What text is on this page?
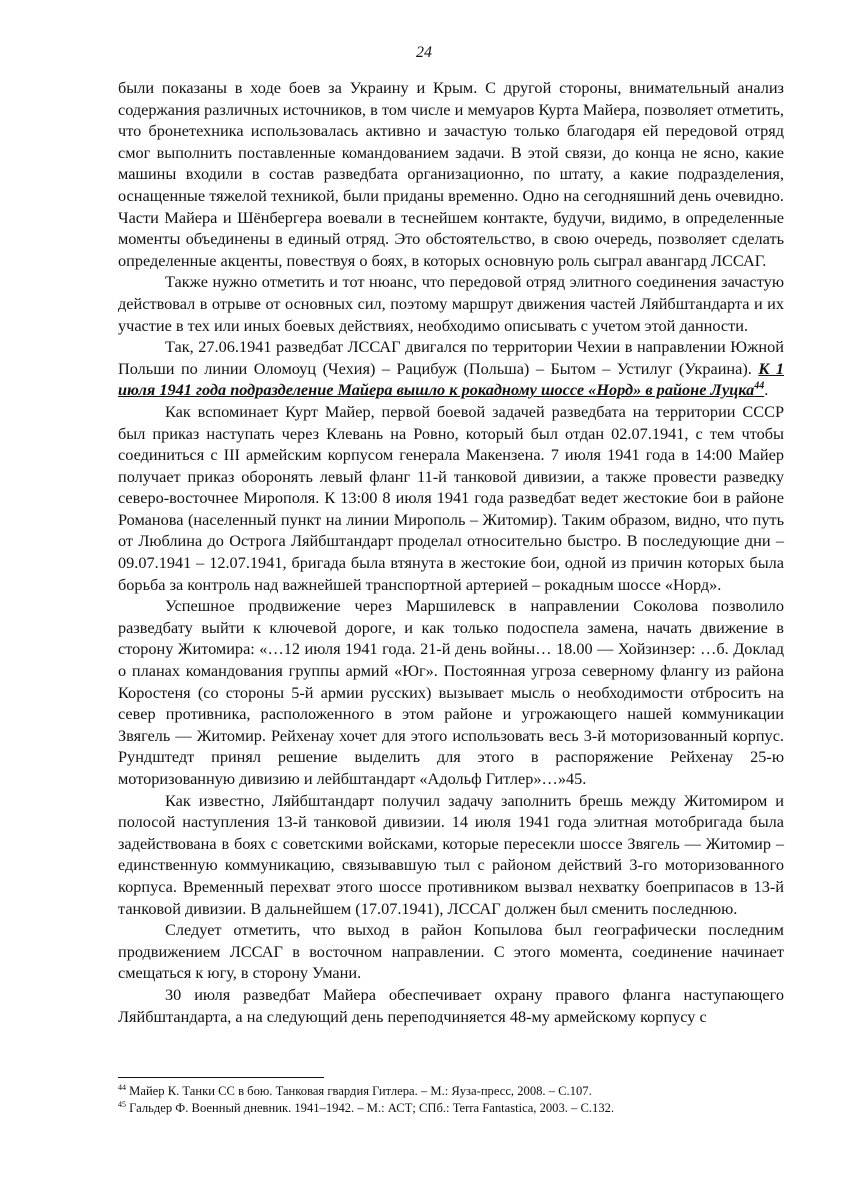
24

были показаны в ходе боев за Украину и Крым. С другой стороны, внимательный анализ содержания различных источников, в том числе и мемуаров Курта Майера, позволяет отметить, что бронетехника использовалась активно и зачастую только благодаря ей передовой отряд смог выполнить поставленные командованием задачи. В этой связи, до конца не ясно, какие машины входили в состав разведбата организационно, по штату, а какие подразделения, оснащенные тяжелой техникой, были приданы временно. Одно на сегодняшний день очевидно. Части Майера и Шёнбергера воевали в теснейшем контакте, будучи, видимо, в определенные моменты объединены в единый отряд. Это обстоятельство, в свою очередь, позволяет сделать определенные акценты, повествуя о боях, в которых основную роль сыграл авангард ЛССАГ.

Также нужно отметить и тот нюанс, что передовой отряд элитного соединения зачастую действовал в отрыве от основных сил, поэтому маршрут движения частей Ляйбштандарта и их участие в тех или иных боевых действиях, необходимо описывать с учетом этой данности.

Так, 27.06.1941 разведбат ЛССАГ двигался по территории Чехии в направлении Южной Польши по линии Оломоуц (Чехия) – Рацибуж (Польша) – Бытом – Устилуг (Украина). К 1 июля 1941 года подразделение Майера вышло к рокадному шоссе «Норд» в районе Луцка$^{44}$.

Как вспоминает Курт Майер, первой боевой задачей разведбата на территории СССР был приказ наступать через Клевань на Ровно, который был отдан 02.07.1941, с тем чтобы соединиться с III армейским корпусом генерала Макензена. 7 июля 1941 года в 14:00 Майер получает приказ оборонять левый фланг 11-й танковой дивизии, а также провести разведку северо-восточнее Мирополя. К 13:00 8 июля 1941 года разведбат ведет жестокие бои в районе Романова (населенный пункт на линии Мирополь – Житомир). Таким образом, видно, что путь от Люблина до Острога Ляйбштандарт проделал относительно быстро. В последующие дни – 09.07.1941 – 12.07.1941, бригада была втянута в жестокие бои, одной из причин которых была борьба за контроль над важнейшей транспортной артерией – рокадным шоссе «Норд».

Успешное продвижение через Маршилевск в направлении Соколова позволило разведбату выйти к ключевой дороге, и как только подоспела замена, начать движение в сторону Житомира: «…12 июля 1941 года. 21-й день войны… 18.00 — Хойзинзер: …б. Доклад о планах командования группы армий «Юг». Постоянная угроза северному флангу из района Коростеня (со стороны 5-й армии русских) вызывает мысль о необходимости отбросить на север противника, расположенного в этом районе и угрожающего нашей коммуникации Звягель — Житомир. Рейхенау хочет для этого использовать весь 3-й моторизованный корпус. Рундштедт принял решение выделить для этого в распоряжение Рейхенау 25-ю моторизованную дивизию и лейбштандарт «Адольф Гитлер»…»45.

Как известно, Ляйбштандарт получил задачу заполнить брешь между Житомиром и полосой наступления 13-й танковой дивизии. 14 июля 1941 года элитная мотобригада была задействована в боях с советскими войсками, которые пересекли шоссе Звягель — Житомир – единственную коммуникацию, связывавшую тыл с районом действий 3-го моторизованного корпуса. Временный перехват этого шоссе противником вызвал нехватку боеприпасов в 13-й танковой дивизии. В дальнейшем (17.07.1941), ЛССАГ должен был сменить последнюю.

Следует отметить, что выход в район Копылова был географически последним продвижением ЛССАГ в восточном направлении. С этого момента, соединение начинает смещаться к югу, в сторону Умани.

30 июля разведбат Майера обеспечивает охрану правого фланга наступающего Ляйбштандарта, а на следующий день переподчиняется 48-му армейскому корпусу с

$^{44}$ Майер К. Танки СС в бою. Танковая гвардия Гитлера. – М.: Яуза-пресс, 2008. – С.107.
$^{45}$ Гальдер Ф. Военный дневник. 1941–1942. – М.: АСТ; СПб.: Terra Fantastica, 2003. – С.132.
